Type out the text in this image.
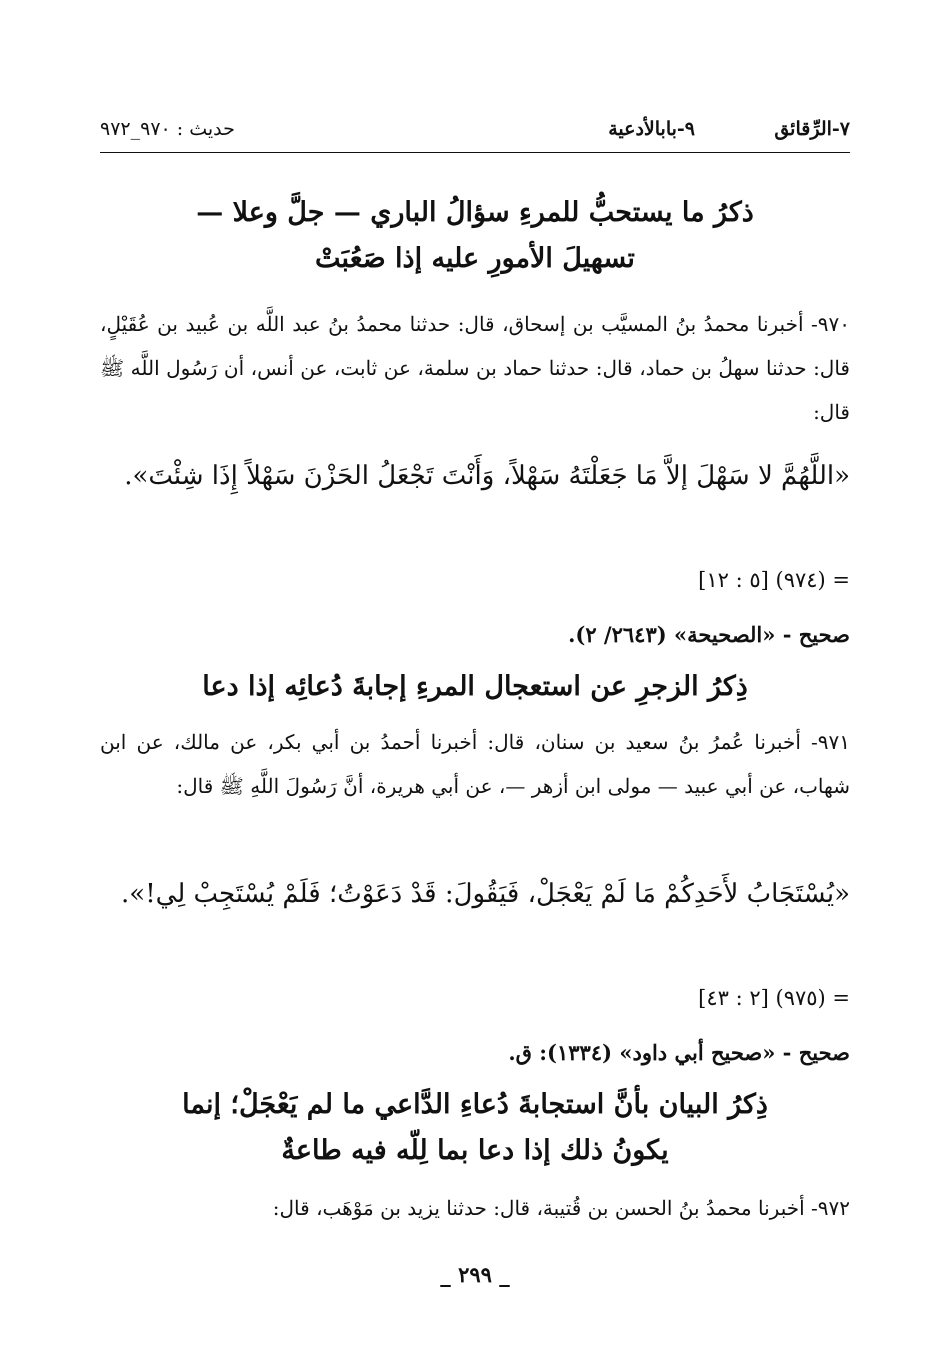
٧-الرِّقائق
٩-بابالأدعية
حديث : ٩٧٠_٩٧٢
ذكرُ ما يستحبُّ للمرءِ سؤالُ الباري — جلَّ وعلا —
تسهيلَ الأمورِ عليه إذا صَعُبَتْ
٩٧٠- أخبرنا محمدُ بنُ المسيَّب بن إسحاق، قال: حدثنا محمدُ بنُ عبد اللَّه بن عُبيد بن عُقَيْلٍ، قال: حدثنا سهلُ بن حماد، قال: حدثنا حماد بن سلمة، عن ثابت، عن أنس، أن رَسُول اللَّه ﷺ قال:
«اللَّهُمَّ لا سَهْلَ إلاَّ مَا جَعَلْتَهُ سَهْلاً، وَأَنْتَ تَجْعَلُ الحَزْنَ سَهْلاً إِذَا شِئْتَ».
= (٩٧٤) [٥ : ١٢]
صحيح - «الصحيحة» (٢٦٤٣/ ٢).
ذِكرُ الزجرِ عن استعجال المرءِ إجابةَ دُعائِه إذا دعا
٩٧١- أخبرنا عُمرُ بنُ سعيد بن سنان، قال: أخبرنا أحمدُ بن أبي بكر، عن مالك، عن ابن شهاب، عن أبي عبيد — مولى ابن أزهر —، عن أبي هريرة، أنَّ رَسُولَ اللَّهِ ﷺ قال:
«يُسْتَجَابُ لأَحَدِكُمْ مَا لَمْ يَعْجَلْ، فَيَقُولَ: قَدْ دَعَوْتُ؛ فَلَمْ يُسْتَجِبْ لِي!».
= (٩٧٥) [٢ : ٤٣]
صحيح - «صحيح أبي داود» (١٣٣٤): ق.
ذِكرُ البيان بأنَّ استجابةَ دُعاءِ الدَّاعي ما لم يَعْجَلْ؛ إنما
يكونُ ذلك إذا دعا بما لِلّه فيه طاعةٌ
٩٧٢- أخبرنا محمدُ بنُ الحسن بن قُتيبة، قال: حدثنا يزيد بن مَوْهَب، قال:
_ ٢٩٩ _
